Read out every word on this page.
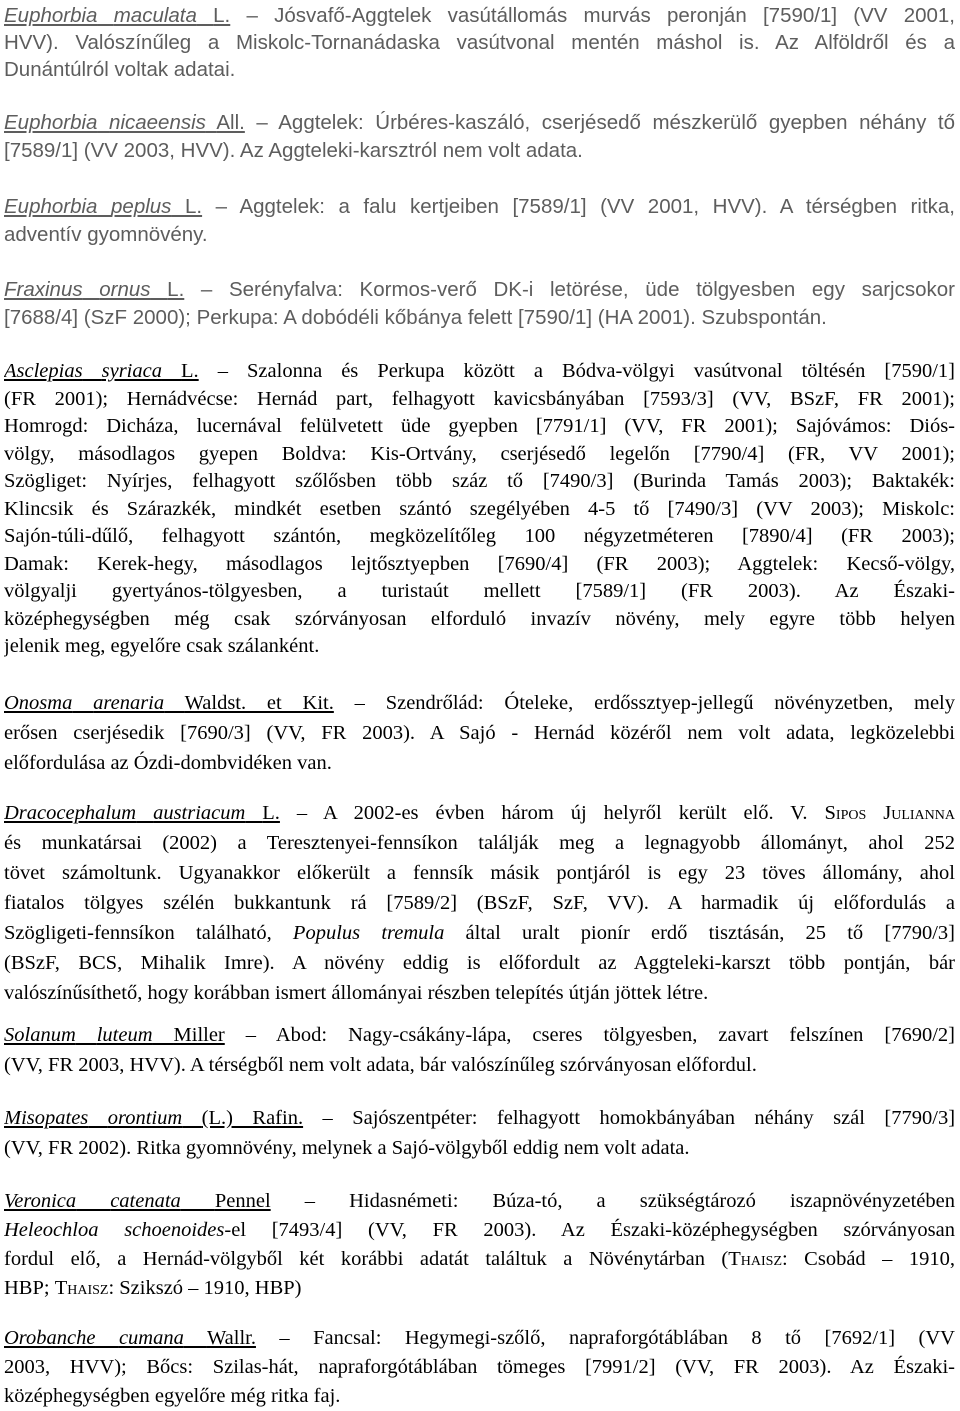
Euphorbia maculata L. – Jósvafő-Aggtelek vasútállomás murvás peronján [7590/1] (VV 2001,
HVV). Valószínűleg a Miskolc-Tornanádaska vasútvonal mentén máshol is. Az Alföldről és a
Dunántúlról voltak adatai.
Euphorbia nicaeensis All. – Aggtelek: Úrbéres-kaszáló, cserjésedő mészkerülő gyepben néhány tő
[7589/1] (VV 2003, HVV). Az Aggteleki-karsztról nem volt adata.
Euphorbia peplus L. – Aggtelek: a falu kertjeiben [7589/1] (VV 2001, HVV). A térségben ritka,
adventív gyomnövény.
Fraxinus ornus L. – Serényfalva: Kormos-verő DK-i letörése, üde tölgyesben egy sarjcsokor
[7688/4] (SzF 2000); Perkupa: A dobódéli kőbánya felett [7590/1] (HA 2001). Szubspontán.
Asclepias syriaca L. – Szalonna és Perkupa között a Bódva-völgyi vasútvonal töltésén [7590/1]
(FR 2001); Hernádvécse: Hernád part, felhagyott kavicsbányában [7593/3] (VV, BSzF, FR 2001);
Homrogd: Dicháza, lucernával felülvetett üde gyepben [7791/1] (VV, FR 2001); Sajóvámos: Diós-
völgy, másodlagos gyepen Boldva: Kis-Ortvány, cserjésedő legelőn [7790/4] (FR, VV 2001);
Szögliget: Nyírjes, felhagyott szőlősben több száz tő [7490/3] (Burinda Tamás 2003); Baktakék:
Klincsik és Szárazkék, mindkét esetben szántó szegélyében 4-5 tő [7490/3] (VV 2003); Miskolc:
Sajón-túli-dűlő, felhagyott szántón, megközelítőleg 100 négyzetméteren [7890/4] (FR 2003);
Damak: Kerek-hegy, másodlagos lejtősztyepben [7690/4] (FR 2003); Aggtelek: Kecső-völgy,
völgyalji gyertyános-tölgyesben, a turistaút mellett [7589/1] (FR 2003). Az Északi-
középhegységben még csak szórványosan elforduló invazív növény, mely egyre több helyen
jelenik meg, egyelőre csak szálanként.
Onosma arenaria Waldst. et Kit. – Szendrőlád: Óteleke, erdőssztyep-jellegű növényzetben, mely
erősen cserjésedik [7690/3] (VV, FR 2003). A Sajó - Hernád közéről nem volt adata, legközelebbi
előfordulása az Ózdi-dombvidéken van.
Dracocephalum austriacum L. – A 2002-es évben három új helyről került elő. V. Sipos Julianna
és munkatársai (2002) a Teresztenyei-fennsíkon találják meg a legnagyobb állományt, ahol 252
tövet számoltunk. Ugyanakkor előkerült a fennsík másik pontjáról is egy 23 töves állomány, ahol
fiatalos tölgyes szélén bukkantunk rá [7589/2] (BSzF, SzF, VV). A harmadik új előfordulás a
Szögligeti-fennsíkon található, Populus tremula által uralt pionír erdő tisztásán, 25 tő [7790/3]
(BSzF, BCS, Mihalik Imre). A növény eddig is előfordult az Aggteleki-karszt több pontján, bár
valószínűsíthető, hogy korábban ismert állományai részben telepítés útján jöttek létre.
Solanum luteum Miller – Abod: Nagy-csákány-lápa, cseres tölgyesben, zavart felszínen [7690/2]
(VV, FR 2003, HVV). A térségből nem volt adata, bár valószínűleg szórványosan előfordul.
Misopates orontium (L.) Rafin. – Sajószentpéter: felhagyott homokbányában néhány szál [7790/3]
(VV, FR 2002). Ritka gyomnövény, melynek a Sajó-völgyből eddig nem volt adata.
Veronica catenata Pennel – Hidasnémeti: Búza-tó, a szükségtározó iszapnövényzetében
Heleochloa schoenoides-el [7493/4] (VV, FR 2003). Az Északi-középhegységben szórványosan
fordul elő, a Hernád-völgyből két korábbi adatát találtuk a Növénytárban (Thaisz: Csobád – 1910,
HBP; Thaisz: Szikszó – 1910, HBP)
Orobanche cumana Wallr. – Fancsal: Hegymegi-szőlő, napraforgótáblában 8 tő [7692/1] (VV
2003, HVV); Bőcs: Szilas-hát, napraforgótáblában tömeges [7991/2] (VV, FR 2003). Az Északi-
középhegységben egyelőre még ritka faj.
